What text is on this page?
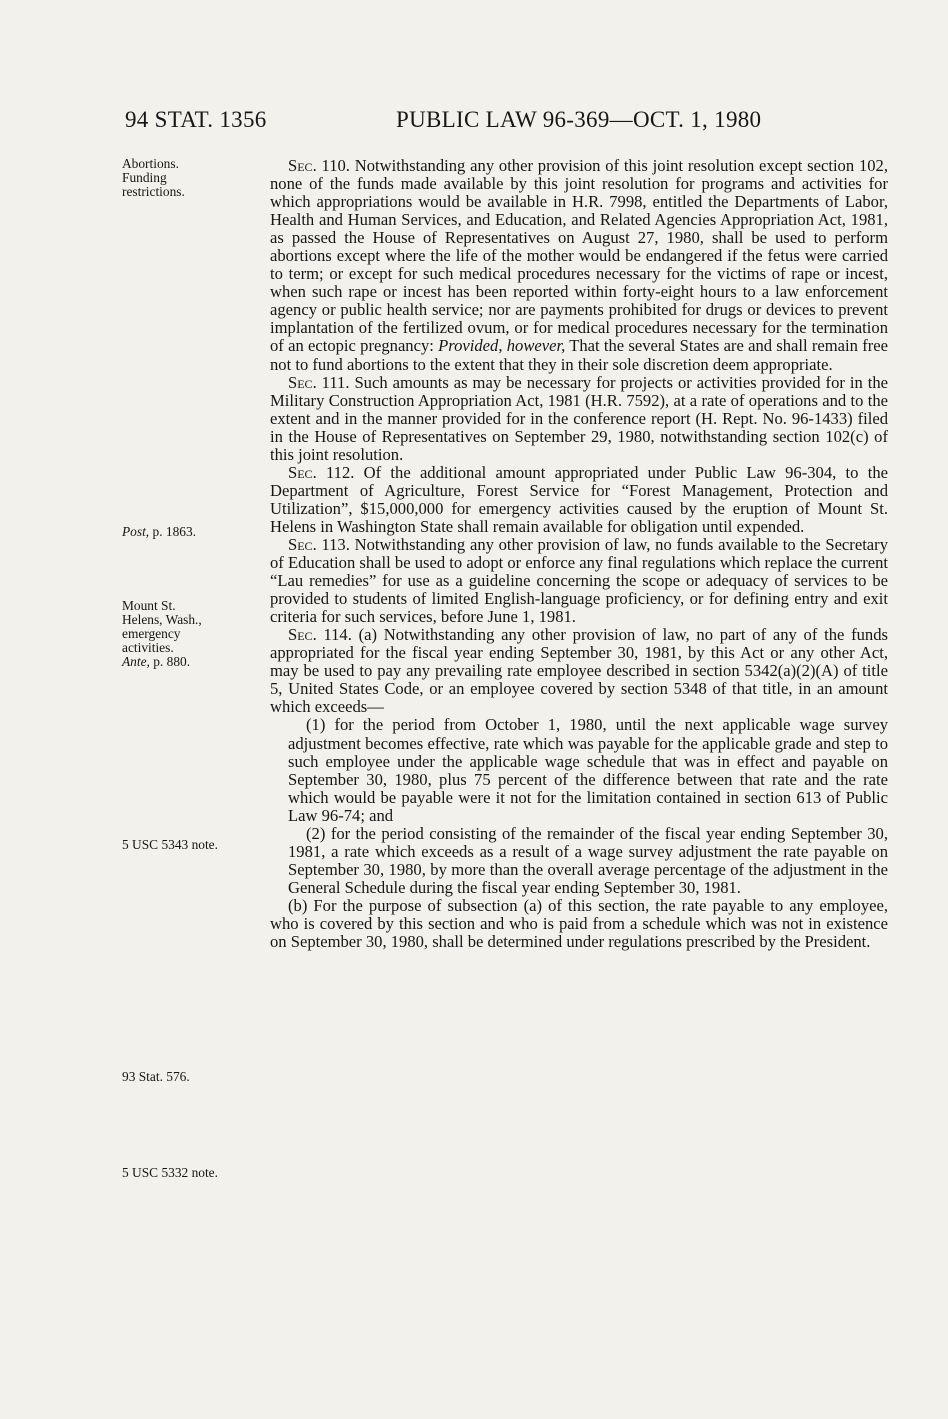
94 STAT. 1356	PUBLIC LAW 96-369—OCT. 1, 1980
Abortions.
Funding
restrictions.
Post, p. 1863.
Mount St.
Helens, Wash.,
emergency
activities.
Ante, p. 880.
5 USC 5343 note.
93 Stat. 576.
5 USC 5332 note.

Sec. 110. Notwithstanding any other provision of this joint resolution except section 102, none of the funds made available by this joint resolution for programs and activities for which appropriations would be available in H.R. 7998, entitled the Departments of Labor, Health and Human Services, and Education, and Related Agencies Appropriation Act, 1981, as passed the House of Representatives on August 27, 1980, shall be used to perform abortions except where the life of the mother would be endangered if the fetus were carried to term; or except for such medical procedures necessary for the victims of rape or incest, when such rape or incest has been reported within forty-eight hours to a law enforcement agency or public health service; nor are payments prohibited for drugs or devices to prevent implantation of the fertilized ovum, or for medical procedures necessary for the termination of an ectopic pregnancy: Provided, however, That the several States are and shall remain free not to fund abortions to the extent that they in their sole discretion deem appropriate.

Sec. 111. Such amounts as may be necessary for projects or activities provided for in the Military Construction Appropriation Act, 1981 (H.R. 7592), at a rate of operations and to the extent and in the manner provided for in the conference report (H. Rept. No. 96-1433) filed in the House of Representatives on September 29, 1980, notwithstanding section 102(c) of this joint resolution.

Sec. 112. Of the additional amount appropriated under Public Law 96-304, to the Department of Agriculture, Forest Service for “Forest Management, Protection and Utilization”, $15,000,000 for emergency activities caused by the eruption of Mount St. Helens in Washington State shall remain available for obligation until expended.

Sec. 113. Notwithstanding any other provision of law, no funds available to the Secretary of Education shall be used to adopt or enforce any final regulations which replace the current “Lau remedies” for use as a guideline concerning the scope or adequacy of services to be provided to students of limited English-language proficiency, or for defining entry and exit criteria for such services, before June 1, 1981.

Sec. 114. (a) Notwithstanding any other provision of law, no part of any of the funds appropriated for the fiscal year ending September 30, 1981, by this Act or any other Act, may be used to pay any prevailing rate employee described in section 5342(a)(2)(A) of title 5, United States Code, or an employee covered by section 5348 of that title, in an amount which exceeds—

(1) for the period from October 1, 1980, until the next applicable wage survey adjustment becomes effective, rate which was payable for the applicable grade and step to such employee under the applicable wage schedule that was in effect and payable on September 30, 1980, plus 75 percent of the difference between that rate and the rate which would be payable were it not for the limitation contained in section 613 of Public Law 96-74; and

(2) for the period consisting of the remainder of the fiscal year ending September 30, 1981, a rate which exceeds as a result of a wage survey adjustment the rate payable on September 30, 1980, by more than the overall average percentage of the adjustment in the General Schedule during the fiscal year ending September 30, 1981.

(b) For the purpose of subsection (a) of this section, the rate payable to any employee, who is covered by this section and who is paid from a schedule which was not in existence on September 30, 1980, shall be determined under regulations prescribed by the President.
